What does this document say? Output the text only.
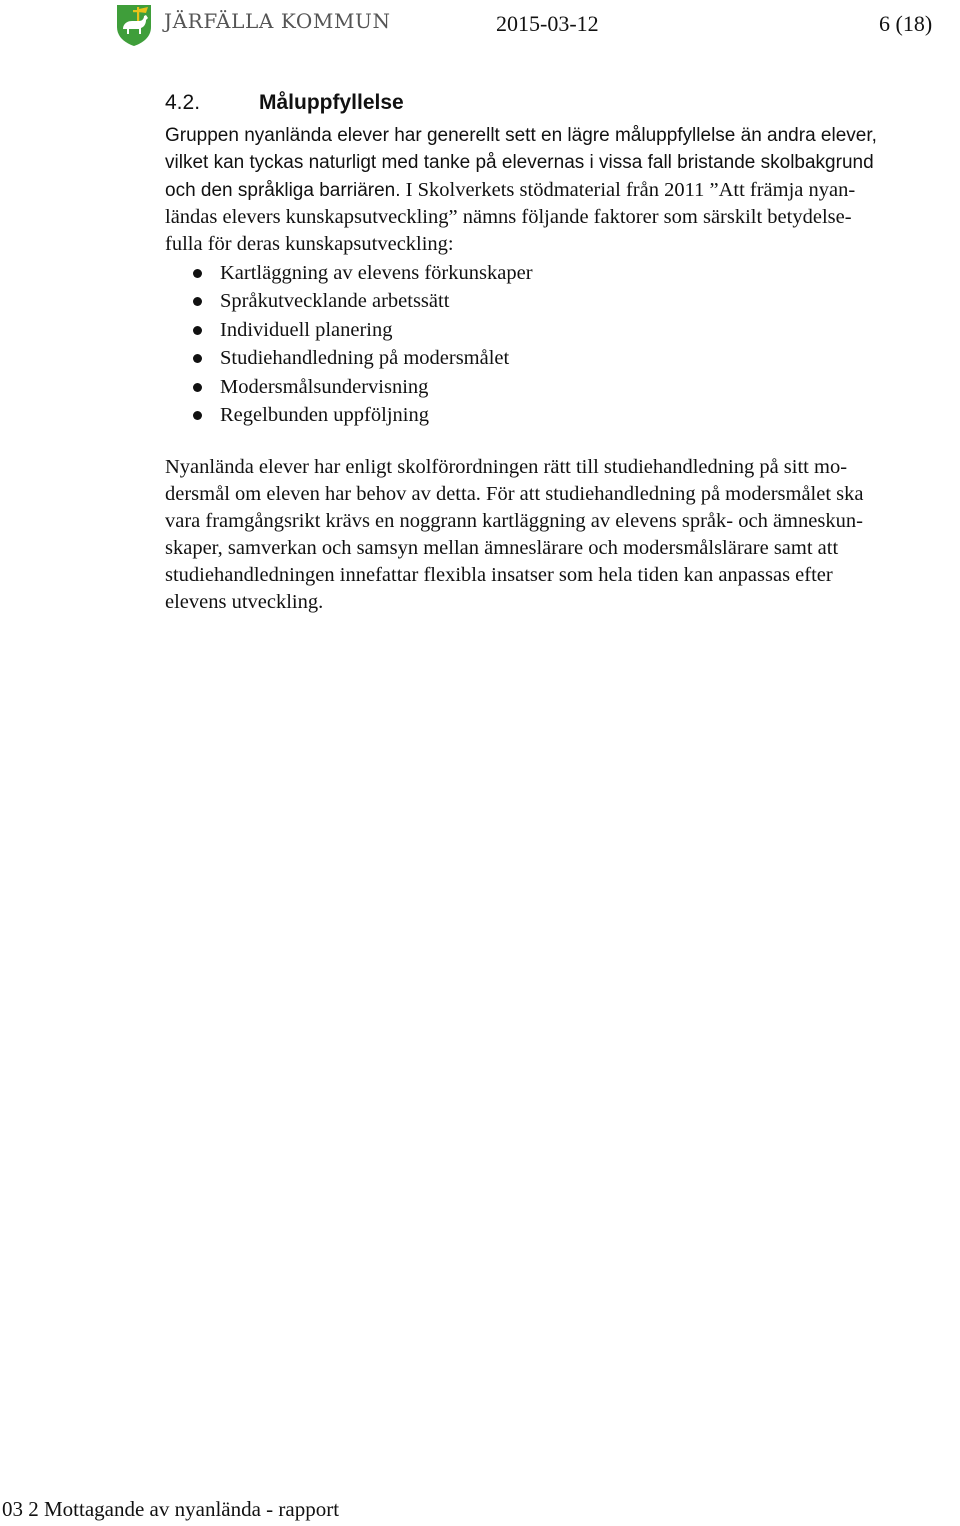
JÄRFÄLLA KOMMUN	2015-03-12	6 (18)
4.2.	Måluppfyllelse
Gruppen nyanlända elever har generellt sett en lägre måluppfyllelse än andra elever,
vilket kan tyckas naturligt med tanke på elevernas i vissa fall bristande skolbakgrund
och den språkliga barriären. I Skolverkets stödmaterial från 2011 ”Att främja nyan-
ländas elevers kunskapsutveckling” nämns följande faktorer som särskilt betydelse-
fulla för deras kunskapsutveckling:
Kartläggning av elevens förkunskaper
Språkutvecklande arbetssätt
Individuell planering
Studiehandledning på modersmålet
Modersmålsundervisning
Regelbunden uppföljning
Nyanlända elever har enligt skolförordningen rätt till studiehandledning på sitt mo-
dersmål om eleven har behov av detta. För att studiehandledning på modersmålet ska
vara framgångsrikt krävs en noggrann kartläggning av elevens språk- och ämneskun-
skaper, samverkan och samsyn mellan ämneslärare och modersmålslärare samt att
studiehandledningen innefattar flexibla insatser som hela tiden kan anpassas efter
elevens utveckling.
03 2 Mottagande av nyanlända - rapport
